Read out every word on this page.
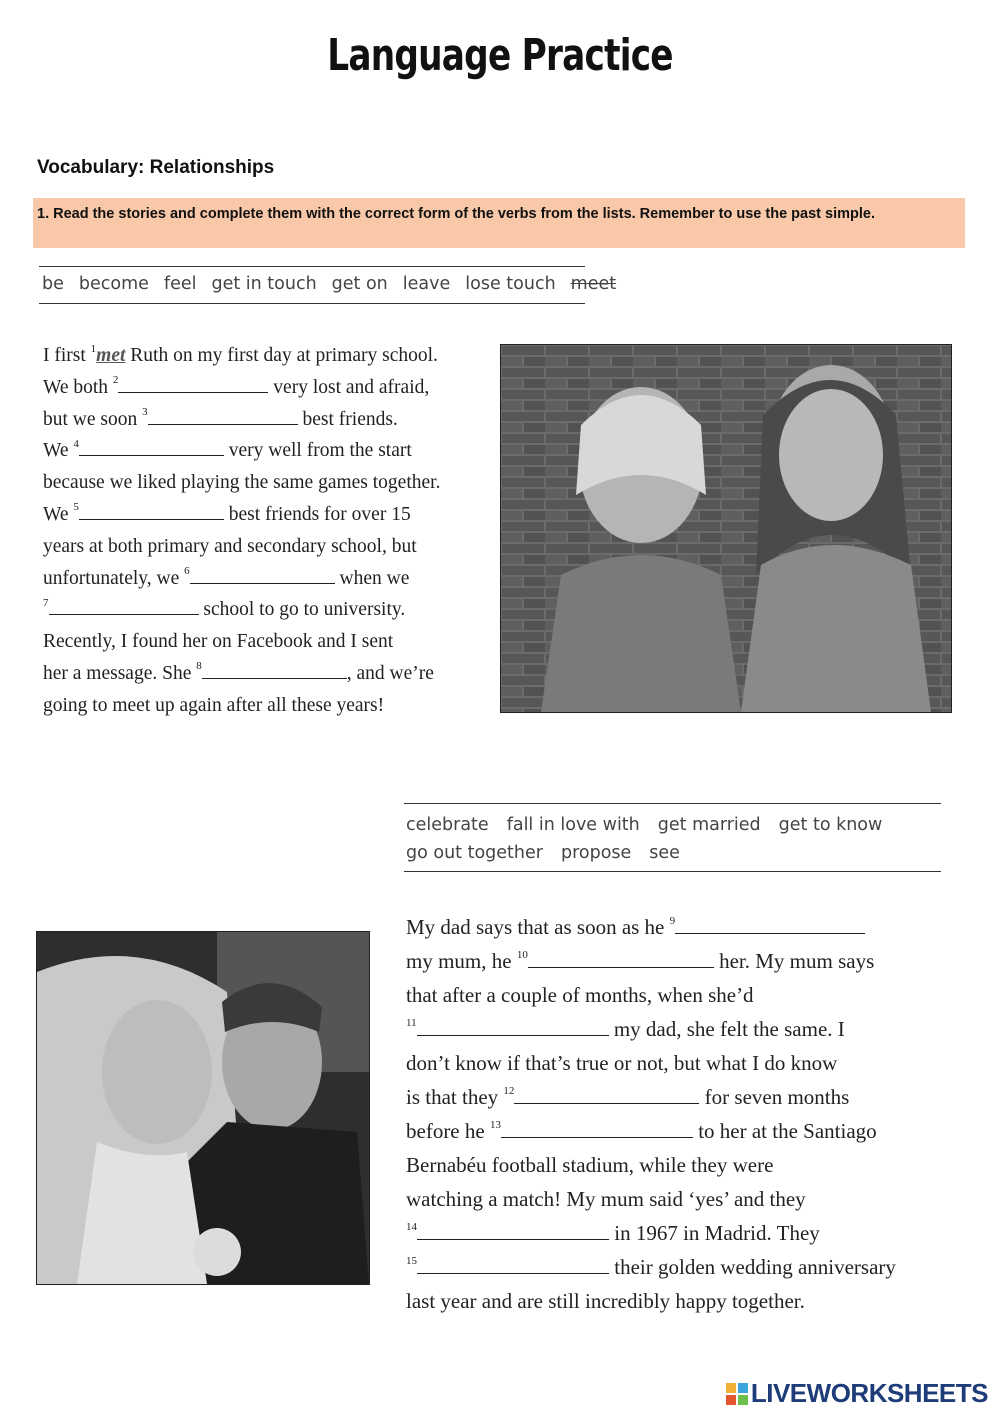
Language Practice
Vocabulary: Relationships
1. Read the stories and complete them with the correct form of the verbs from the lists. Remember to use the past simple.
be become feel get in touch get on leave lose touch meet
I first $^1$met Ruth on my first day at primary school.
We both $^2$	very lost and afraid,
but we soon $^3$	best friends.
We $^4$	very well from the start
because we liked playing the same games together.
We $^5$	best friends for over 15
years at both primary and secondary school, but
unfortunately, we $^6$	when we
$^7$	school to go to university.
Recently, I found her on Facebook and I sent
her a message. She $^8$	, and we’re
going to meet up again after all these years!
celebrate fall in love with get married get to know
go out together propose see
My dad says that as soon as he $^9$
my mum, he $^{10}$	her. My mum says
that after a couple of months, when she’d
$^{11}$	my dad, she felt the same. I
don’t know if that’s true or not, but what I do know
is that they $^{12}$	for seven months
before he $^{13}$	to her at the Santiago
Bernabéu football stadium, while they were
watching a match! My mum said ‘yes’ and they
$^{14}$	in 1967 in Madrid. They
$^{15}$	their golden wedding anniversary
last year and are still incredibly happy together.
LIVEWORKSHEETS
